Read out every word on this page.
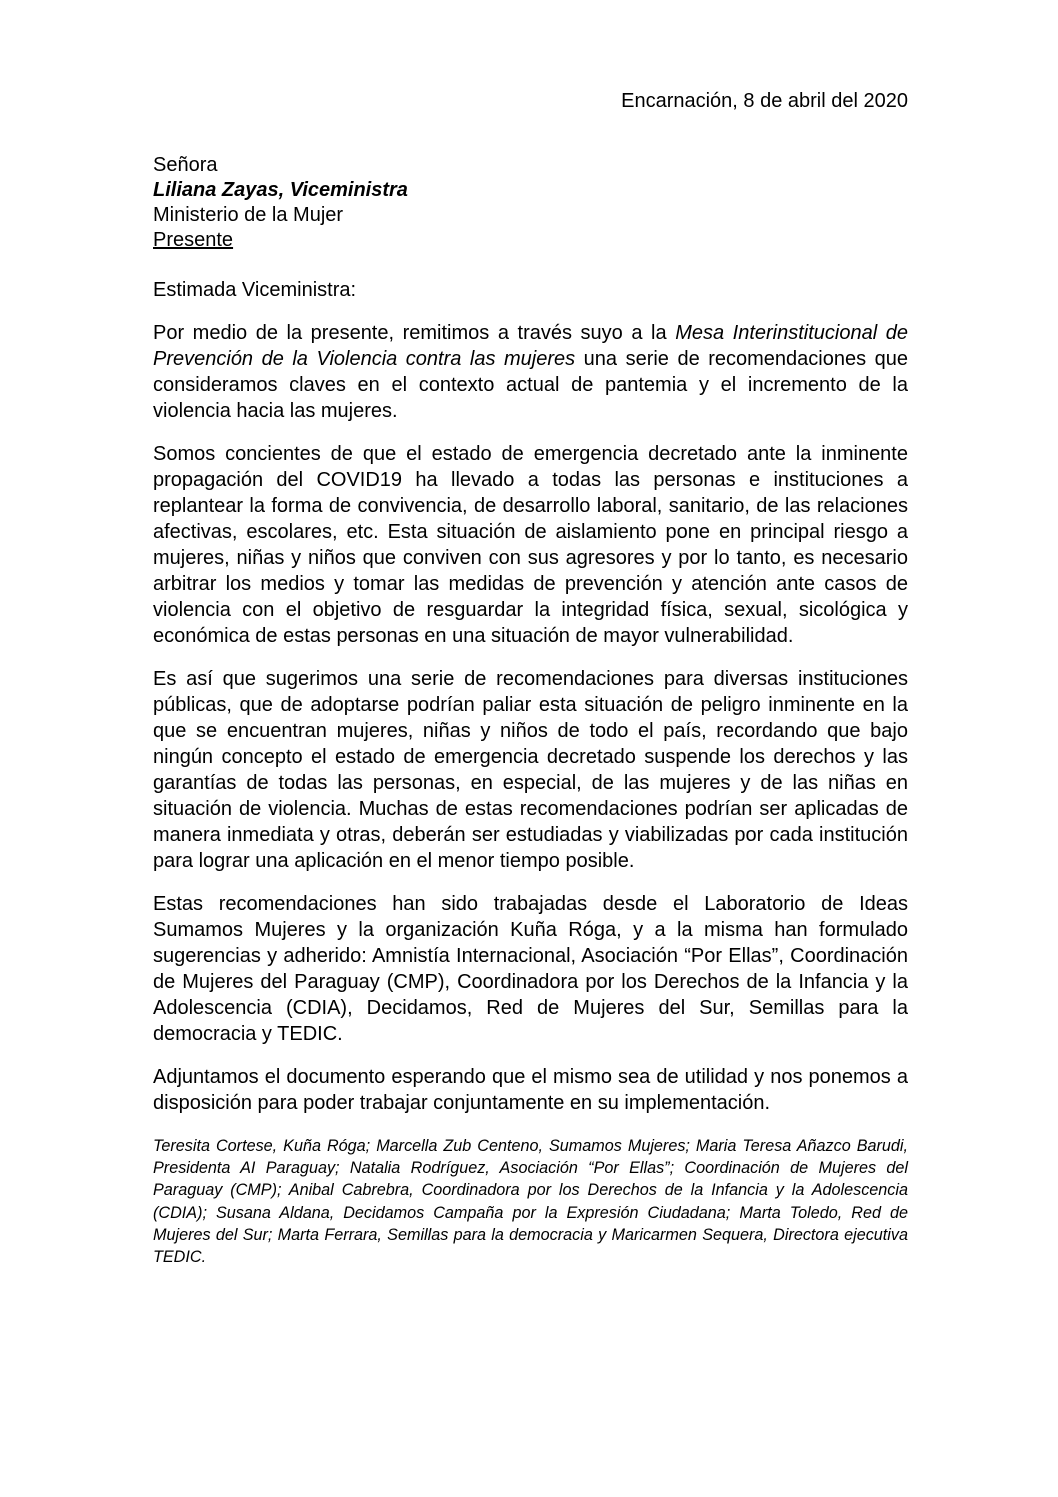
Encarnación, 8 de abril del 2020
Señora
Liliana Zayas, Viceministra
Ministerio de la Mujer
Presente
Estimada Viceministra:

Por medio de la presente, remitimos a través suyo a la Mesa Interinstitucional de Prevención de la Violencia contra las mujeres una serie de recomendaciones que consideramos claves en el contexto actual de pantemia y el incremento de la violencia hacia las mujeres.

Somos concientes de que el estado de emergencia decretado ante la inminente propagación del COVID19 ha llevado a todas las personas e instituciones a replantear la forma de convivencia, de desarrollo laboral, sanitario, de las relaciones afectivas, escolares, etc. Esta situación de aislamiento pone en principal riesgo a mujeres, niñas y niños que conviven con sus agresores y por lo tanto, es necesario arbitrar los medios y tomar las medidas de prevención y atención ante casos de violencia con el objetivo de resguardar la integridad física, sexual, sicológica y económica de estas personas en una situación de mayor vulnerabilidad.

Es así que sugerimos una serie de recomendaciones para diversas instituciones públicas, que de adoptarse podrían paliar esta situación de peligro inminente en la que se encuentran mujeres, niñas y niños de todo el país, recordando que bajo ningún concepto el estado de emergencia decretado suspende los derechos y las garantías de todas las personas, en especial, de las mujeres y de las niñas en situación de violencia. Muchas de estas recomendaciones podrían ser aplicadas de manera inmediata y otras, deberán ser estudiadas y viabilizadas por cada institución para lograr una aplicación en el menor tiempo posible.

Estas recomendaciones han sido trabajadas desde el Laboratorio de Ideas Sumamos Mujeres y la organización Kuña Róga, y a la misma han formulado sugerencias y adherido: Amnistía Internacional, Asociación “Por Ellas”, Coordinación de Mujeres del Paraguay (CMP), Coordinadora por los Derechos de la Infancia y la Adolescencia (CDIA), Decidamos, Red de Mujeres del Sur, Semillas para la democracia y TEDIC.

Adjuntamos el documento esperando que el mismo sea de utilidad y nos ponemos a disposición para poder trabajar conjuntamente en su implementación.

Teresita Cortese, Kuña Róga; Marcella Zub Centeno, Sumamos Mujeres; Maria Teresa Añazco Barudi, Presidenta AI Paraguay; Natalia Rodríguez, Asociación “Por Ellas”; Coordinación de Mujeres del Paraguay (CMP); Anibal Cabrebra, Coordinadora por los Derechos de la Infancia y la Adolescencia (CDIA); Susana Aldana, Decidamos Campaña por la Expresión Ciudadana; Marta Toledo, Red de Mujeres del Sur; Marta Ferrara, Semillas para la democracia y Maricarmen Sequera, Directora ejecutiva TEDIC.
